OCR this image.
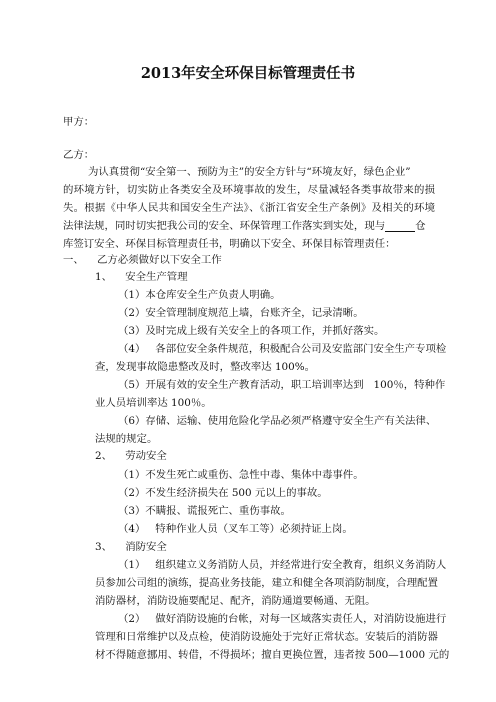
2013年安全环保目标管理责任书
甲方：
乙方：
为认真贯彻“安全第一、预防为主”的安全方针与“环境友好，绿色企业”
的环境方针，切实防止各类安全及环境事故的发生，尽量减轻各类事故带来的损
失。根据《中华人民共和国安全生产法》、《浙江省安全生产条例》及相关的环境
法律法规，同时切实把我公司的安全、环保管理工作落实到实处，现与	仓
库签订安全、环保目标管理责任书，明确以下安全、环保目标管理责任：
一、    乙方必须做好以下安全工作
1、    安全生产管理
（1）本仓库安全生产负责人明确。
（2）安全管理制度规范上墙，台账齐全，记录清晰。
（3）及时完成上级有关安全上的各项工作，并抓好落实。
（4）   各部位安全条件规范，积极配合公司及安监部门安全生产专项检
查，发现事故隐患整改及时，整改率达 100%。
（5）开展有效的安全生产教育活动，职工培训率达到   100％，特种作
业人员培训率达 100％。
（6）存储、运输、使用危险化学品必须严格遵守安全生产有关法律、
法规的规定。
2、    劳动安全
（1）不发生死亡或重伤、急性中毒、集体中毒事件。
（2）不发生经济损失在 500 元以上的事故。
（3）不瞒报、谎报死亡、重伤事故。
（4）   特种作业人员（叉车工等）必须持证上岗。
3、    消防安全
（1）   组织建立义务消防人员，并经常进行安全教育，组织义务消防人
员参加公司组的演练，提高业务技能，建立和健全各项消防制度，合理配置
消防器材，消防设施要配足、配齐，消防通道要畅通、无阻。
（2）   做好消防设施的台帐，对每一区域落实责任人，对消防设施进行
管理和日常维护以及点检，使消防设施处于完好正常状态。安装后的消防器
材不得随意挪用、转借，不得损坏；擅自更换位置，违者按 500—1000 元的
